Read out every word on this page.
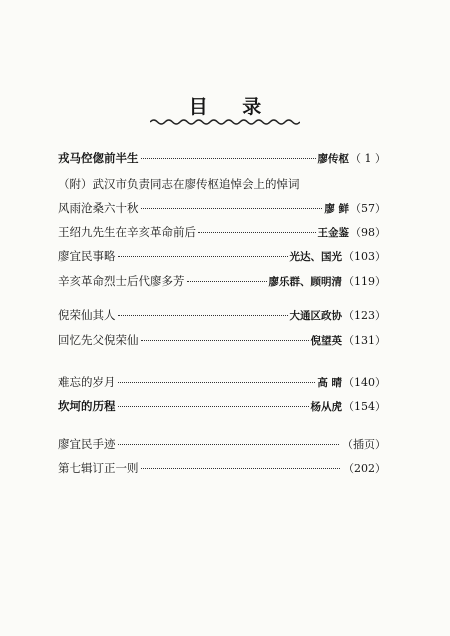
目 录
戎马倥偬前半生	廖传枢 （ 1 ）
（附）武汉市负责同志在廖传枢追悼会上的悼词
风雨沧桑六十秋	廖 鲜 （57）
王绍九先生在辛亥革命前后	王金鉴 （98）
廖宜民事略	光达、国光 （103）
辛亥革命烈士后代廖多芳	廖乐群、顾明清 （119）
倪荣仙其人	大通区政协 （123）
回忆先父倪荣仙	倪望英 （131）
难忘的岁月	高 晴 （140）
坎坷的历程	杨从虎 （154）
廖宜民手迹	（插页）
第七辑订正一则	（202）
